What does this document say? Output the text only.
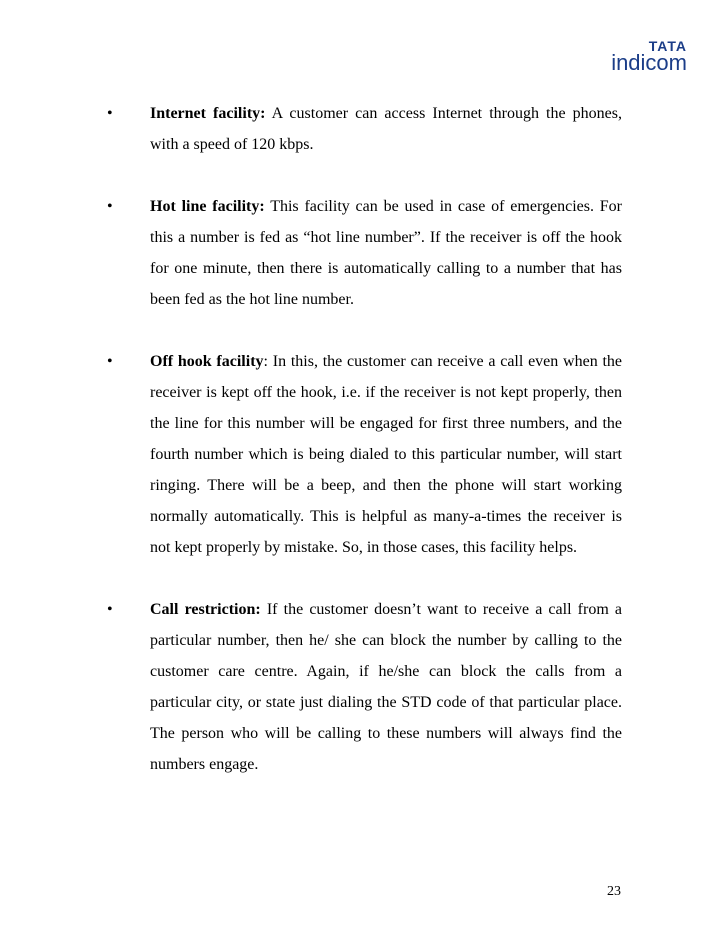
TATA
indicom
• Internet facility: A customer can access Internet through the phones, with a speed of 120 kbps.

• Hot line facility: This facility can be used in case of emergencies. For this a number is fed as “hot line number”. If the receiver is off the hook for one minute, then there is automatically calling to a number that has been fed as the hot line number.

• Off hook facility: In this, the customer can receive a call even when the receiver is kept off the hook, i.e. if the receiver is not kept properly, then the line for this number will be engaged for first three numbers, and the fourth number which is being dialed to this particular number, will start ringing. There will be a beep, and then the phone will start working normally automatically. This is helpful as many-a-times the receiver is not kept properly by mistake. So, in those cases, this facility helps.

• Call restriction: If the customer doesn’t want to receive a call from a particular number, then he/ she can block the number by calling to the customer care centre. Again, if he/she can block the calls from a particular city, or state just dialing the STD code of that particular place. The person who will be calling to these numbers will always find the numbers engage.

23
